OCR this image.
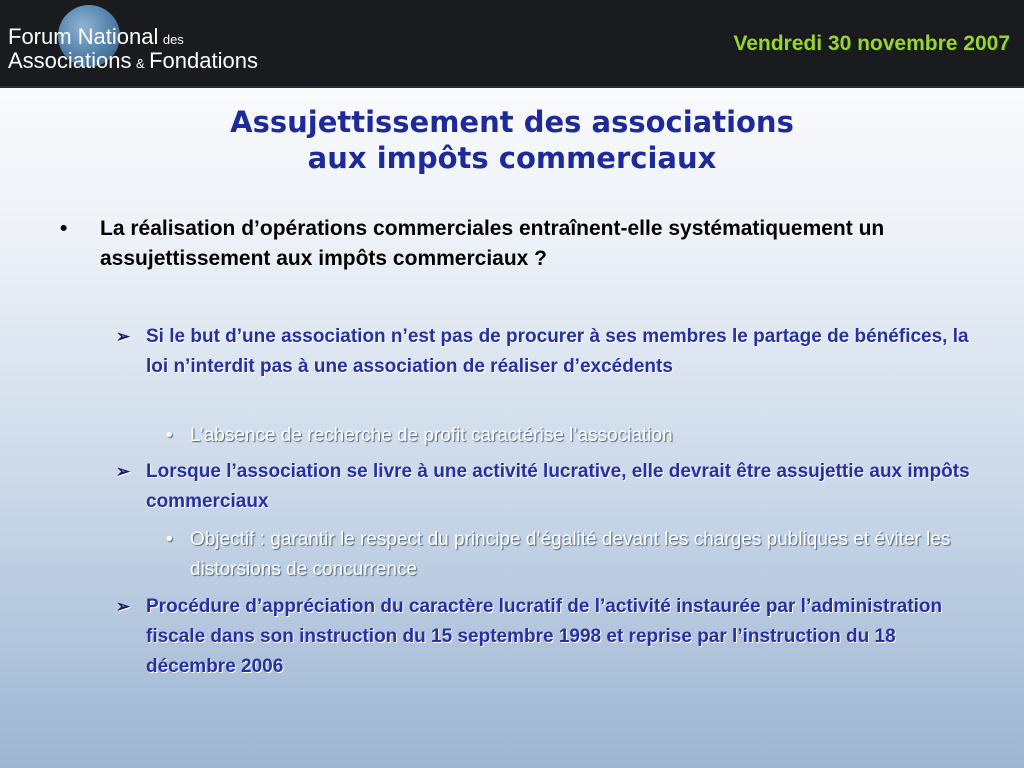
Forum National des
Associations & Fondations
Vendredi 30 novembre 2007
Assujettissement des associations
aux impôts commerciaux
• La réalisation d’opérations commerciales entraînent-elle systématiquement un assujettissement aux impôts commerciaux ?
➢ Si le but d’une association n’est pas de procurer à ses membres le partage de bénéfices, la loi n’interdit pas à une association de réaliser d’excédents
• L’absence de recherche de profit caractérise l’association
➢ Lorsque l’association se livre à une activité lucrative, elle devrait être assujettie aux impôts commerciaux
• Objectif : garantir le respect du principe d’égalité devant les charges publiques et éviter les distorsions de concurrence
➢ Procédure d’appréciation du caractère lucratif de l’activité instaurée par l’administration fiscale dans son instruction du 15 septembre 1998 et reprise par l’instruction du 18 décembre 2006
